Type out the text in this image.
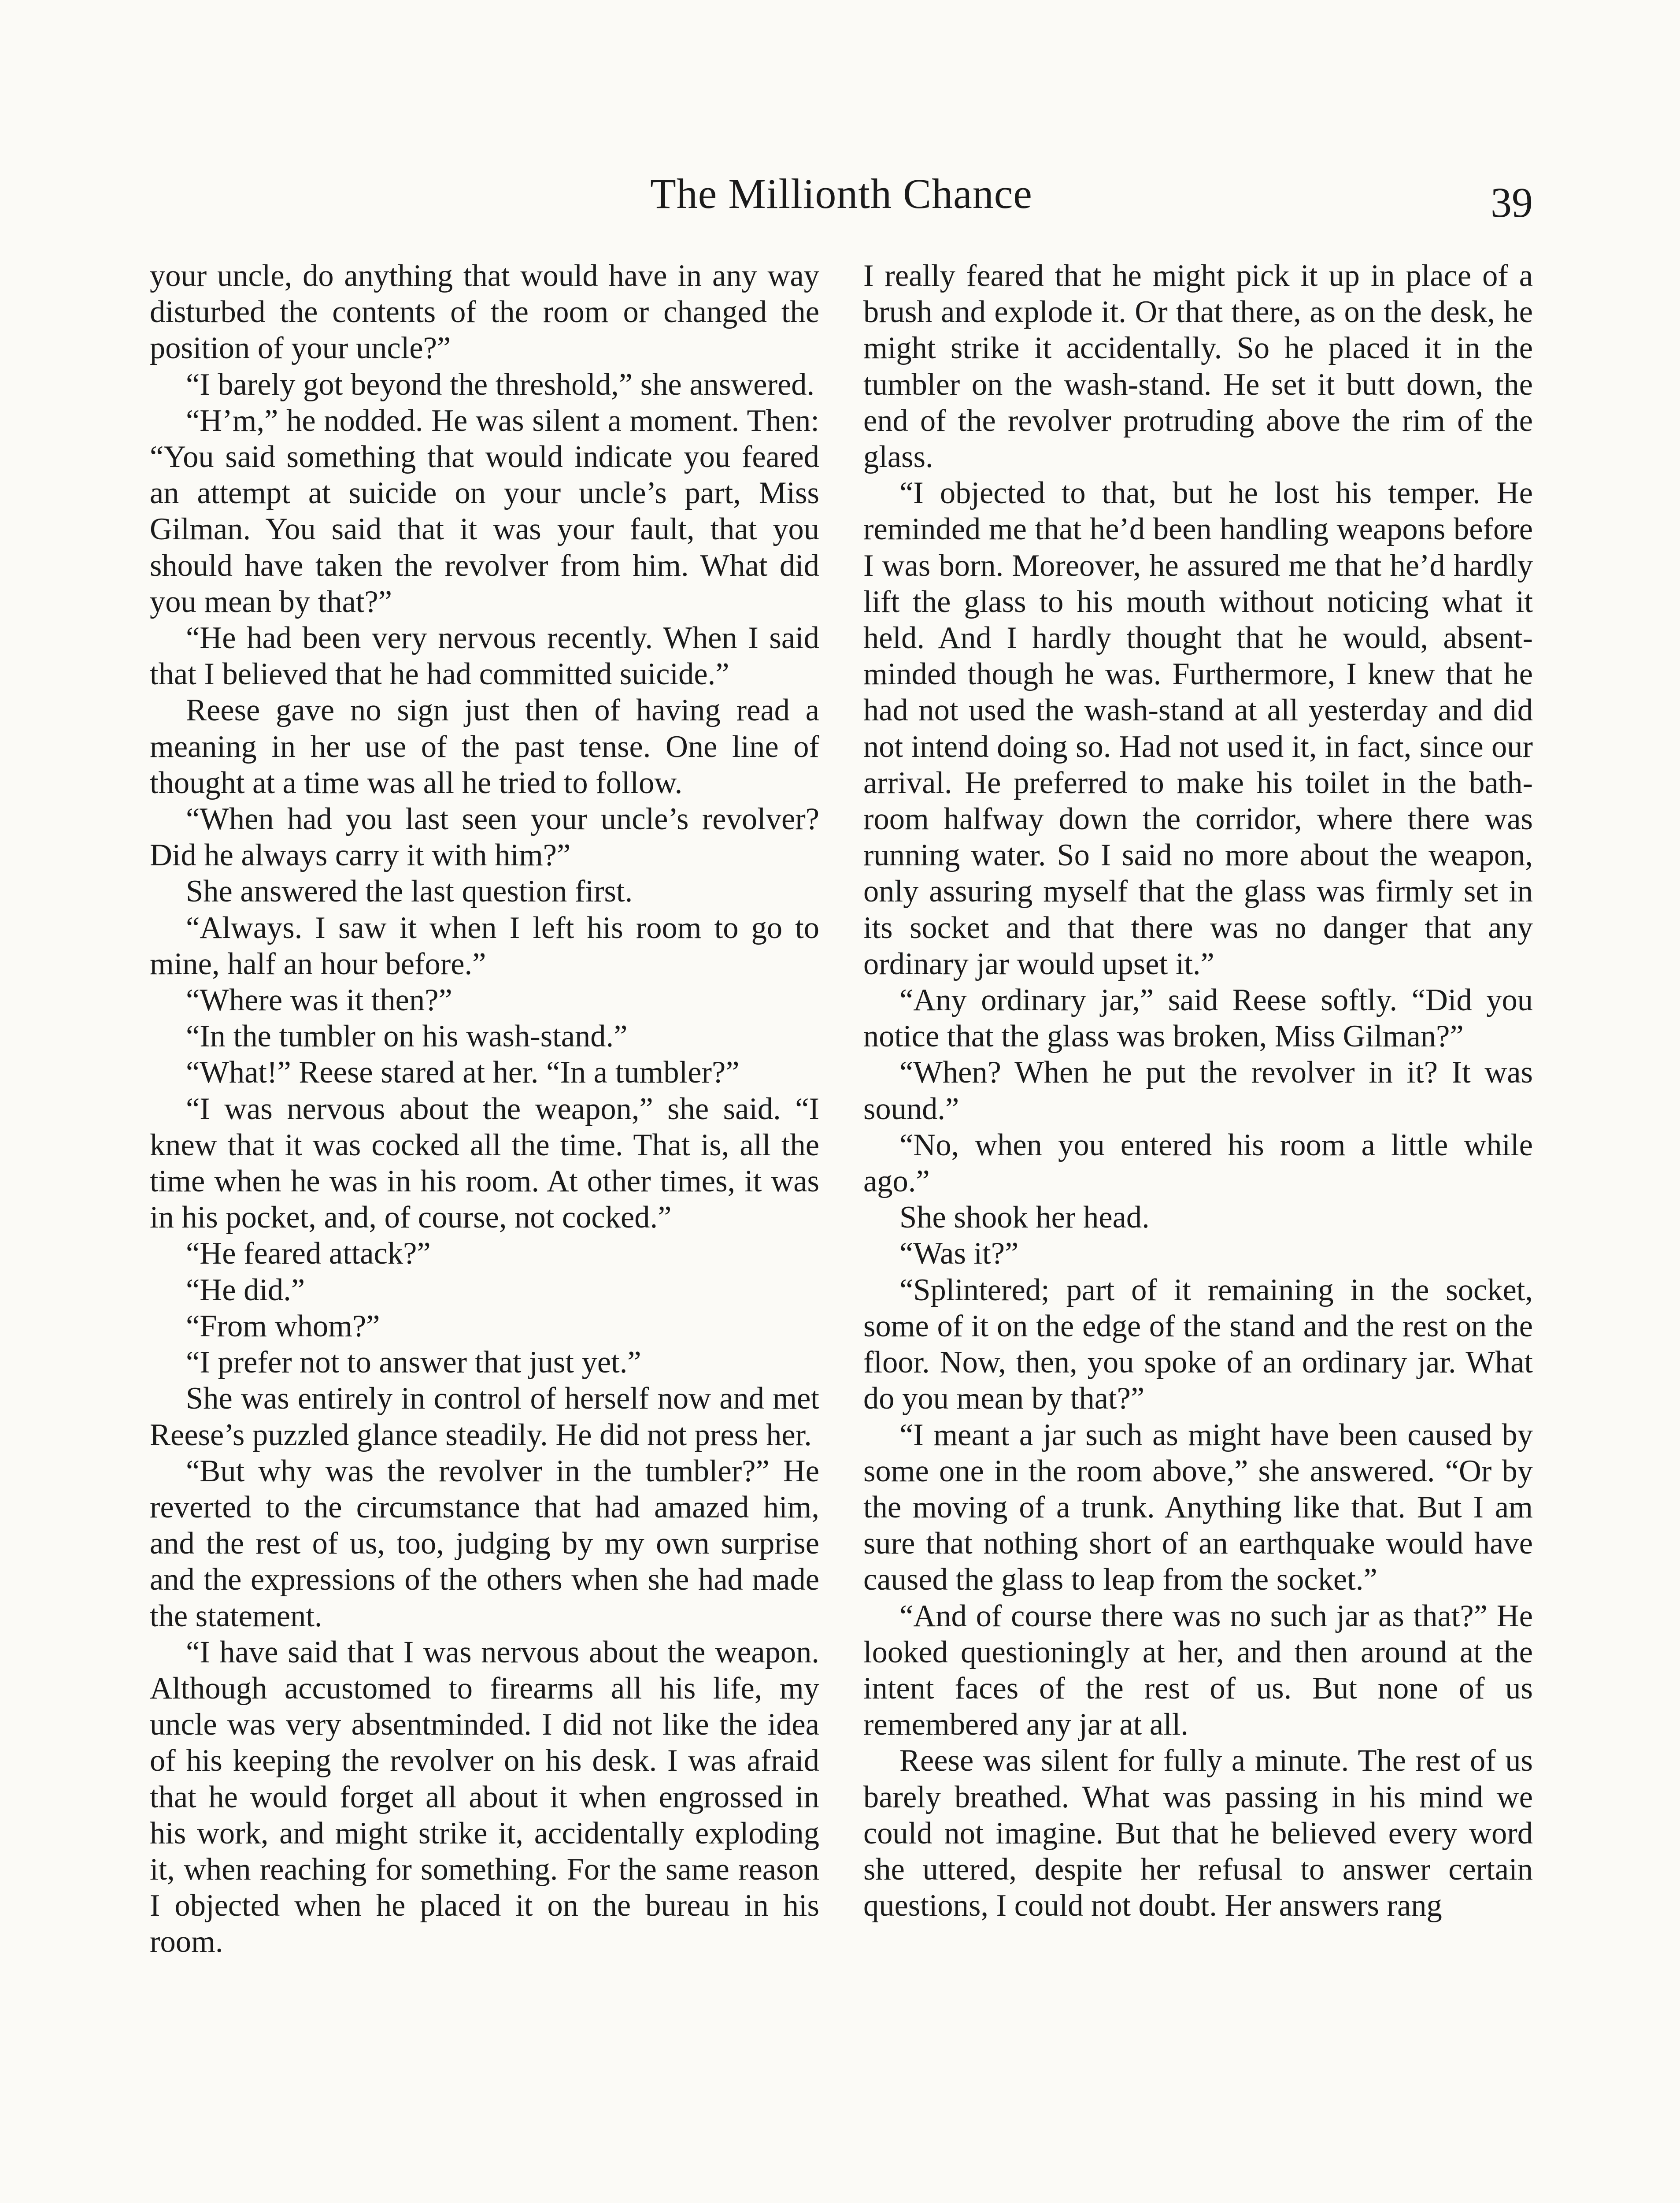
The Millionth Chance	39

your uncle, do anything that would have in any way disturbed the contents of the room or changed the position of your uncle?”

“I barely got beyond the threshold,” she answered.

“H’m,” he nodded. He was silent a moment. Then: “You said something that would indicate you feared an attempt at suicide on your uncle’s part, Miss Gilman. You said that it was your fault, that you should have taken the revolver from him. What did you mean by that?”

“He had been very nervous recently. When I said that I believed that he had committed suicide.”

Reese gave no sign just then of having read a meaning in her use of the past tense. One line of thought at a time was all he tried to follow.

“When had you last seen your uncle’s revolver? Did he always carry it with him?”

She answered the last question first.

“Always. I saw it when I left his room to go to mine, half an hour before.”

“Where was it then?”

“In the tumbler on his wash-stand.”

“What!” Reese stared at her. “In a tumbler?”

“I was nervous about the weapon,” she said. “I knew that it was cocked all the time. That is, all the time when he was in his room. At other times, it was in his pocket, and, of course, not cocked.”

“He feared attack?”

“He did.”

“From whom?”

“I prefer not to answer that just yet.”

She was entirely in control of herself now and met Reese’s puzzled glance steadily. He did not press her.

“But why was the revolver in the tumbler?” He reverted to the circumstance that had amazed him, and the rest of us, too, judging by my own surprise and the expressions of the others when she had made the statement.

“I have said that I was nervous about the weapon. Although accustomed to firearms all his life, my uncle was very absentminded. I did not like the idea of his keeping the revolver on his desk. I was afraid that he would forget all about it when engrossed in his work, and might strike it, accidentally exploding it, when reaching for something. For the same reason I objected when he placed it on the bureau in his room.

I really feared that he might pick it up in place of a brush and explode it. Or that there, as on the desk, he might strike it accidentally. So he placed it in the tumbler on the wash-stand. He set it butt down, the end of the revolver protruding above the rim of the glass.

“I objected to that, but he lost his temper. He reminded me that he’d been handling weapons before I was born. Moreover, he assured me that he’d hardly lift the glass to his mouth without noticing what it held. And I hardly thought that he would, absent-minded though he was. Furthermore, I knew that he had not used the wash-stand at all yesterday and did not intend doing so. Had not used it, in fact, since our arrival. He preferred to make his toilet in the bath-room halfway down the corridor, where there was running water. So I said no more about the weapon, only assuring myself that the glass was firmly set in its socket and that there was no danger that any ordinary jar would upset it.”

“Any ordinary jar,” said Reese softly. “Did you notice that the glass was broken, Miss Gilman?”

“When? When he put the revolver in it? It was sound.”

“No, when you entered his room a little while ago.”

She shook her head.

“Was it?”

“Splintered; part of it remaining in the socket, some of it on the edge of the stand and the rest on the floor. Now, then, you spoke of an ordinary jar. What do you mean by that?”

“I meant a jar such as might have been caused by some one in the room above,” she answered. “Or by the moving of a trunk. Anything like that. But I am sure that nothing short of an earthquake would have caused the glass to leap from the socket.”

“And of course there was no such jar as that?” He looked questioningly at her, and then around at the intent faces of the rest of us. But none of us remembered any jar at all.

Reese was silent for fully a minute. The rest of us barely breathed. What was passing in his mind we could not imagine. But that he believed every word she uttered, despite her refusal to answer certain questions, I could not doubt. Her answers rang
